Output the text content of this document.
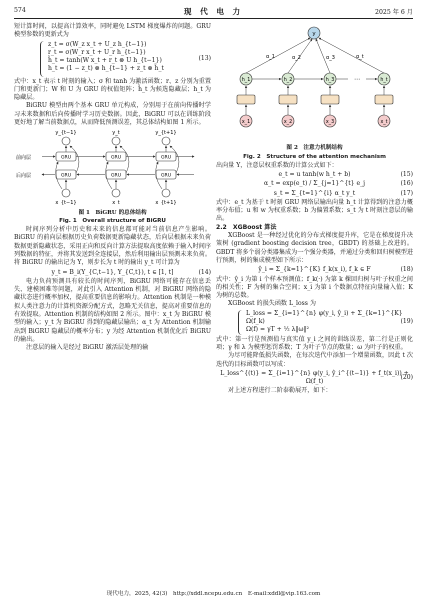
574	现 代 电 力	2025 年 6 月

短计算时间，以提高计算效率，同时避免 LSTM 梯度爆炸的问题。GRU 模型参数的更新式为

z_t = σ(W_z x_t + U_z h_{t−1})
r_t = σ(W_r x_t + U_r h_{t−1})
h̃_t = tanh(W x_t + r_t ⊗ U h_{t−1})
h_t = (1 − z_t) ⊗ h_{t−1} + z_t ⊗ h̃_t
(13)

式中：x_t 表示 t 时刻的输入；σ 和 tanh 为激活函数；r、z 分别为重置门和更新门；W 和 U 为 GRU 的权值矩阵；h̃_t 为候选隐藏层；h_t 为隐藏层。

BiGRU 模型由两个基本 GRU 单元构成，分别用于在前向传播时学习未来数据和后向传播时学习历史数据。因此，BiGRU 可以在训练阶段更好地了解当前数据点，从而降低预测误差，其总体结构如图 1 所示。

y_{t−1}	y_t	y_{t+1}
前向层
后向层
GRU	GRU	GRU
GRU	GRU	GRU
x_{t−1}	x_t	x_{t+1}
图 1　BiGRU 的总体结构
Fig. 1　Overall structure of BiGRU

时间序列分析中历史和未来的信息都可能对当前信息产生影响。BiGRU 的前向层根据历史负荷数据更新隐藏状态，后向层根据未来负荷数据更新隐藏状态，采用正向和反向计算方法提取高度依赖于输入时间序列数据的特征，并将其发送到全连接层，然后利用输出层预测未来负荷。将 BiGRU 的输出记为 Y，则步长为 t 时的输出 y_t 可计算为

y_t = B_i(Y_{C,t−1}, Y_{C,t}), t ∈ [1, t]	(14)

电力负荷预测具有较长的时间序列，BiGRU 网络可能存在信息丢失、建模困难等问题，对此引入 Attention 机制，对 BiGRU 网络的隐藏状态进行概率加权，提高重要信息的影响力。Attention 机制是一种模拟人类注意力的计算机资源分配方式，忽略无关信息，提高对重要信息的有效提取。Attention 机制的结构如图 2 所示。图中：x_t 为 BiGRU 模型的输入；y_t 为 BiGRU 得到的隐藏层输出；α_t 为 Attention 机制输出到 BiGRU 隐藏层的概率分布；y 为经 Attention 机制优化后 BiGRU 的输出。

注意层的输入是经过 BiGRU 激活层处理的输

y
α_1	α_2	α_3	α_t
h_1	h_2	h_3	h_t
⋯
x_1	x_2	x_3	x_t
图 2　注意力机制结构
Fig. 2　Structure of the attention mechanism

出向量 Y，注意层权重系数的计算公式如下：

e_t = u tanh(w h_t + b)	(15)
α_t = exp(e_t) / Σ_{j=1}^{t} e_j	(16)
s_t = Σ_{t=1}^{i} α_t y_t	(17)

式中：e_t 为基于 t 时刻 GRU 网络层输出向量 h_t 计算得到的注意力概率分布值；u 和 w 为权重系数；b 为偏置系数；s_t 为 t 时刻注意层的输出。

2.2　XGBoost 算法

XGBoost 是一种经过优化的分布式梯度提升库，它是在梯度提升决策树 (gradient boosting decision tree，GBDT) 的基础上改进的。GBDT 将多个弱分类器集成为一个强分类器，并通过分类和回归树模型进行预测，树的集成模型如下所示：

ŷ_i = Σ_{k=1}^{K} f_k(x_i), f_k ∈ F	(18)

式中：ŷ_i 为第 i 个样本预测值；f_k(·) 为第 k 棵回归树与叶子权重之间的相关性；F 为树的集合空间；x_i 为第 i 个数据点特征向量输入值；K 为树的总数。

XGBoost 的损失函数 L_loss 为

L_loss = Σ_{i=1}^{n} φ(y_i, ŷ_i) + Σ_{k=1}^{K} Ω(f_k)
Ω(f) = γT + ½ λ‖ω‖²
(19)

式中：第一行是预测值与真实值 y_i 之间的训练误差，第二行是正则化项；γ 和 λ 为模型惩罚系数；T 为叶子节点的数量；ω 为叶子的权重。

为尽可能降低损失函数，在每次迭代中添加一个增量函数，因此 t 次迭代的目标函数可以写成：

L_loss^{(t)} = Σ_{i=1}^{n} φ(y_i, ŷ_i^{(t−1)} + f_t(x_i)) + Ω(f_t)
(20)

对上述方程进行二阶泰勒展开，如下：

现代电力，2025, 42(3)　http://xddl.ncepu.edu.cn　E-mail:xddl@vip.163.com
